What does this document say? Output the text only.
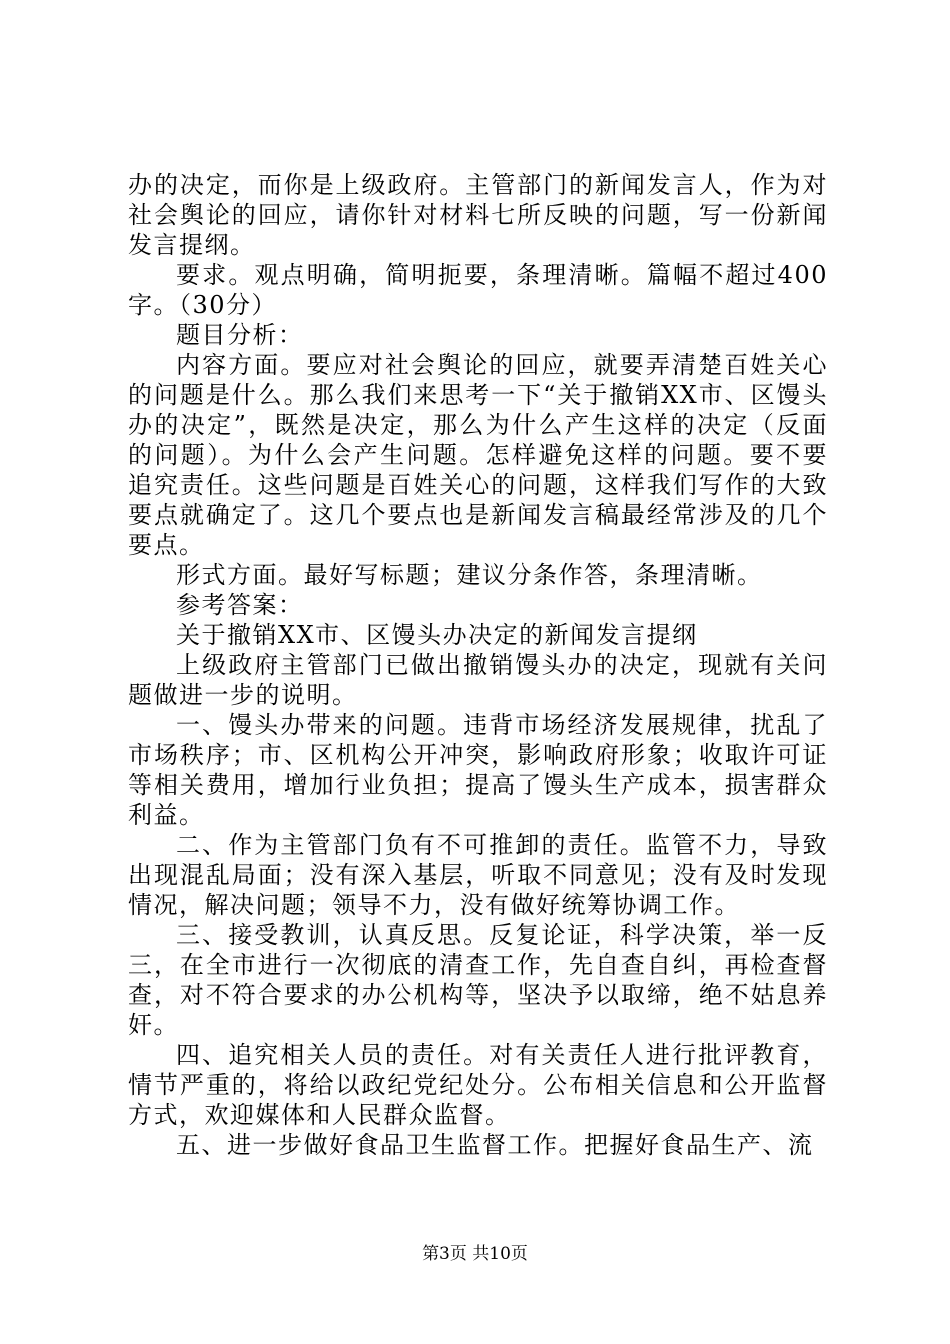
办的决定，而你是上级政府。主管部门的新闻发言人，作为对社会舆论的回应，请你针对材料七所反映的问题，写一份新闻发言提纲。

要求。观点明确，简明扼要，条理清晰。篇幅不超过400字。（30分）

题目分析：

内容方面。要应对社会舆论的回应，就要弄清楚百姓关心的问题是什么。那么我们来思考一下“关于撤销XX市、区馒头办的决定”，既然是决定，那么为什么产生这样的决定（反面的问题）。为什么会产生问题。怎样避免这样的问题。要不要追究责任。这些问题是百姓关心的问题，这样我们写作的大致要点就确定了。这几个要点也是新闻发言稿最经常涉及的几个要点。

形式方面。最好写标题；建议分条作答，条理清晰。

参考答案：

关于撤销XX市、区馒头办决定的新闻发言提纲

上级政府主管部门已做出撤销馒头办的决定，现就有关问题做进一步的说明。

一、馒头办带来的问题。违背市场经济发展规律，扰乱了市场秩序；市、区机构公开冲突，影响政府形象；收取许可证等相关费用，增加行业负担；提高了馒头生产成本，损害群众利益。

二、作为主管部门负有不可推卸的责任。监管不力，导致出现混乱局面；没有深入基层，听取不同意见；没有及时发现情况，解决问题；领导不力，没有做好统筹协调工作。

三、接受教训，认真反思。反复论证，科学决策，举一反三，在全市进行一次彻底的清查工作，先自查自纠，再检查督查，对不符合要求的办公机构等，坚决予以取缔，绝不姑息养奸。

四、追究相关人员的责任。对有关责任人进行批评教育，情节严重的，将给以政纪党纪处分。公布相关信息和公开监督方式，欢迎媒体和人民群众监督。

五、进一步做好食品卫生监督工作。把握好食品生产、流

第3页 共10页
